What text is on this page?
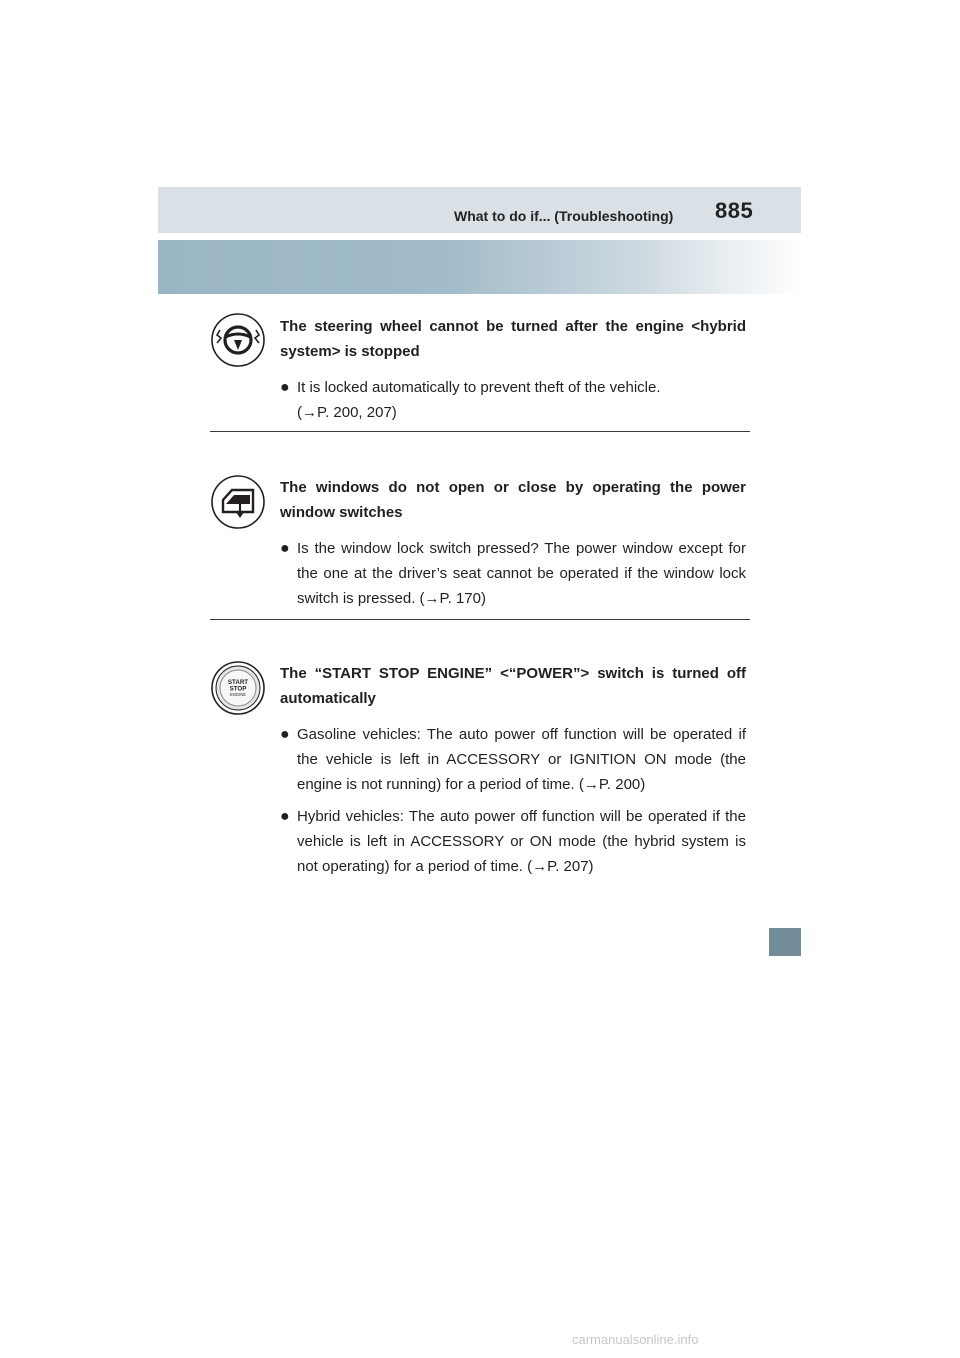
What to do if... (Troubleshooting) 885
The steering wheel cannot be turned after the engine <hybrid system> is stopped
● It is locked automatically to prevent theft of the vehicle. (→P. 200, 207)
The windows do not open or close by operating the power window switches
● Is the window lock switch pressed? The power window except for the one at the driver’s seat cannot be operated if the window lock switch is pressed. (→P. 170)
START
STOP
ENGINE
The “START STOP ENGINE” <“POWER”> switch is turned off automatically
● Gasoline vehicles: The auto power off function will be operated if the vehicle is left in ACCESSORY or IGNITION ON mode (the engine is not running) for a period of time. (→P. 200)
● Hybrid vehicles: The auto power off function will be operated if the vehicle is left in ACCESSORY or ON mode (the hybrid system is not operating) for a period of time. (→P. 207)
carmanualsonline.info
